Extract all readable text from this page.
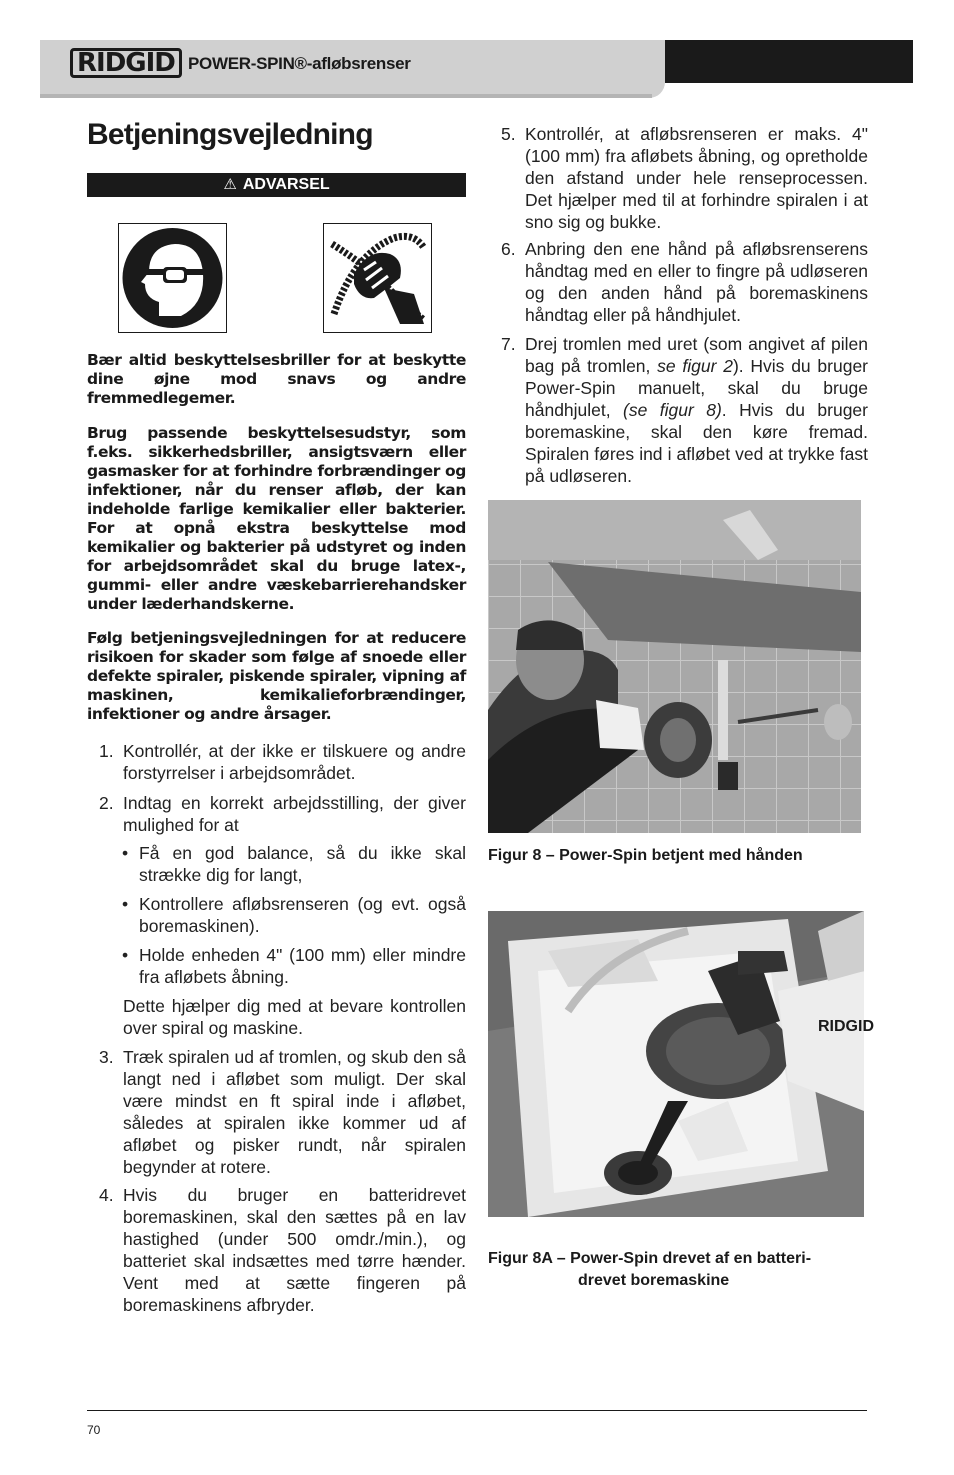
RIDGID POWER-SPIN®-afløbsrenser
Betjeningsvejledning
⚠ ADVARSEL

Bær altid beskyttelsesbriller for at beskytte dine øjne mod snavs og andre fremmedlegemer.

Brug passende beskyttelsesudstyr, som f.eks. sikkerhedsbriller, ansigtsværn eller gasmasker for at forhindre forbrændinger og infektioner, når du renser afløb, der kan indeholde farlige kemikalier eller bakterier. For at opnå ekstra beskyttelse mod kemikalier og bakterier på udstyret og inden for arbejdsområdet skal du bruge latex-, gummi- eller andre væskebarrierehandsker under læderhandskerne.

Følg betjeningsvejledningen for at reducere risikoen for skader som følge af snoede eller defekte spiraler, piskende spiraler, vipning af maskinen, kemikalieforbrændinger, infektioner og andre årsager.

1. Kontrollér, at der ikke er tilskuere og andre forstyrrelser i arbejdsområdet.
2. Indtag en korrekt arbejdsstilling, der giver mulighed for at
• Få en god balance, så du ikke skal strække dig for langt,
• Kontrollere afløbsrenseren (og evt. også boremaskinen).
• Holde enheden 4" (100 mm) eller mindre fra afløbets åbning.
Dette hjælper dig med at bevare kontrollen over spiral og maskine.
3. Træk spiralen ud af tromlen, og skub den så langt ned i afløbet som muligt. Der skal være mindst en ft spiral inde i afløbet, således at spiralen ikke kommer ud af afløbet og pisker rundt, når spiralen begynder at rotere.
4. Hvis du bruger en batteridrevet boremaskinen, skal den sættes på en lav hastighed (under 500 omdr./min.), og batteriet skal indsættes med tørre hænder. Vent med at sætte fingeren på boremaskinens afbryder.
5. Kontrollér, at afløbsrenseren er maks. 4" (100 mm) fra afløbets åbning, og opretholde den afstand under hele renseprocessen. Det hjælper med til at forhindre spiralen i at sno sig og bukke.
6. Anbring den ene hånd på afløbsrenserens håndtag med en eller to fingre på udløseren og den anden hånd på boremaskinens håndtag eller på håndhjulet.
7. Drej tromlen med uret (som angivet af pilen bag på tromlen, se figur 2). Hvis du bruger Power-Spin manuelt, skal du bruge håndhjulet, (se figur 8). Hvis du bruger boremaskine, skal den køre fremad. Spiralen føres ind i afløbet ved at trykke fast på udløseren.
Figur 8 – Power-Spin betjent med hånden
RIDGID
Figur 8A – Power-Spin drevet af en batteri-
drevet boremaskine
70
